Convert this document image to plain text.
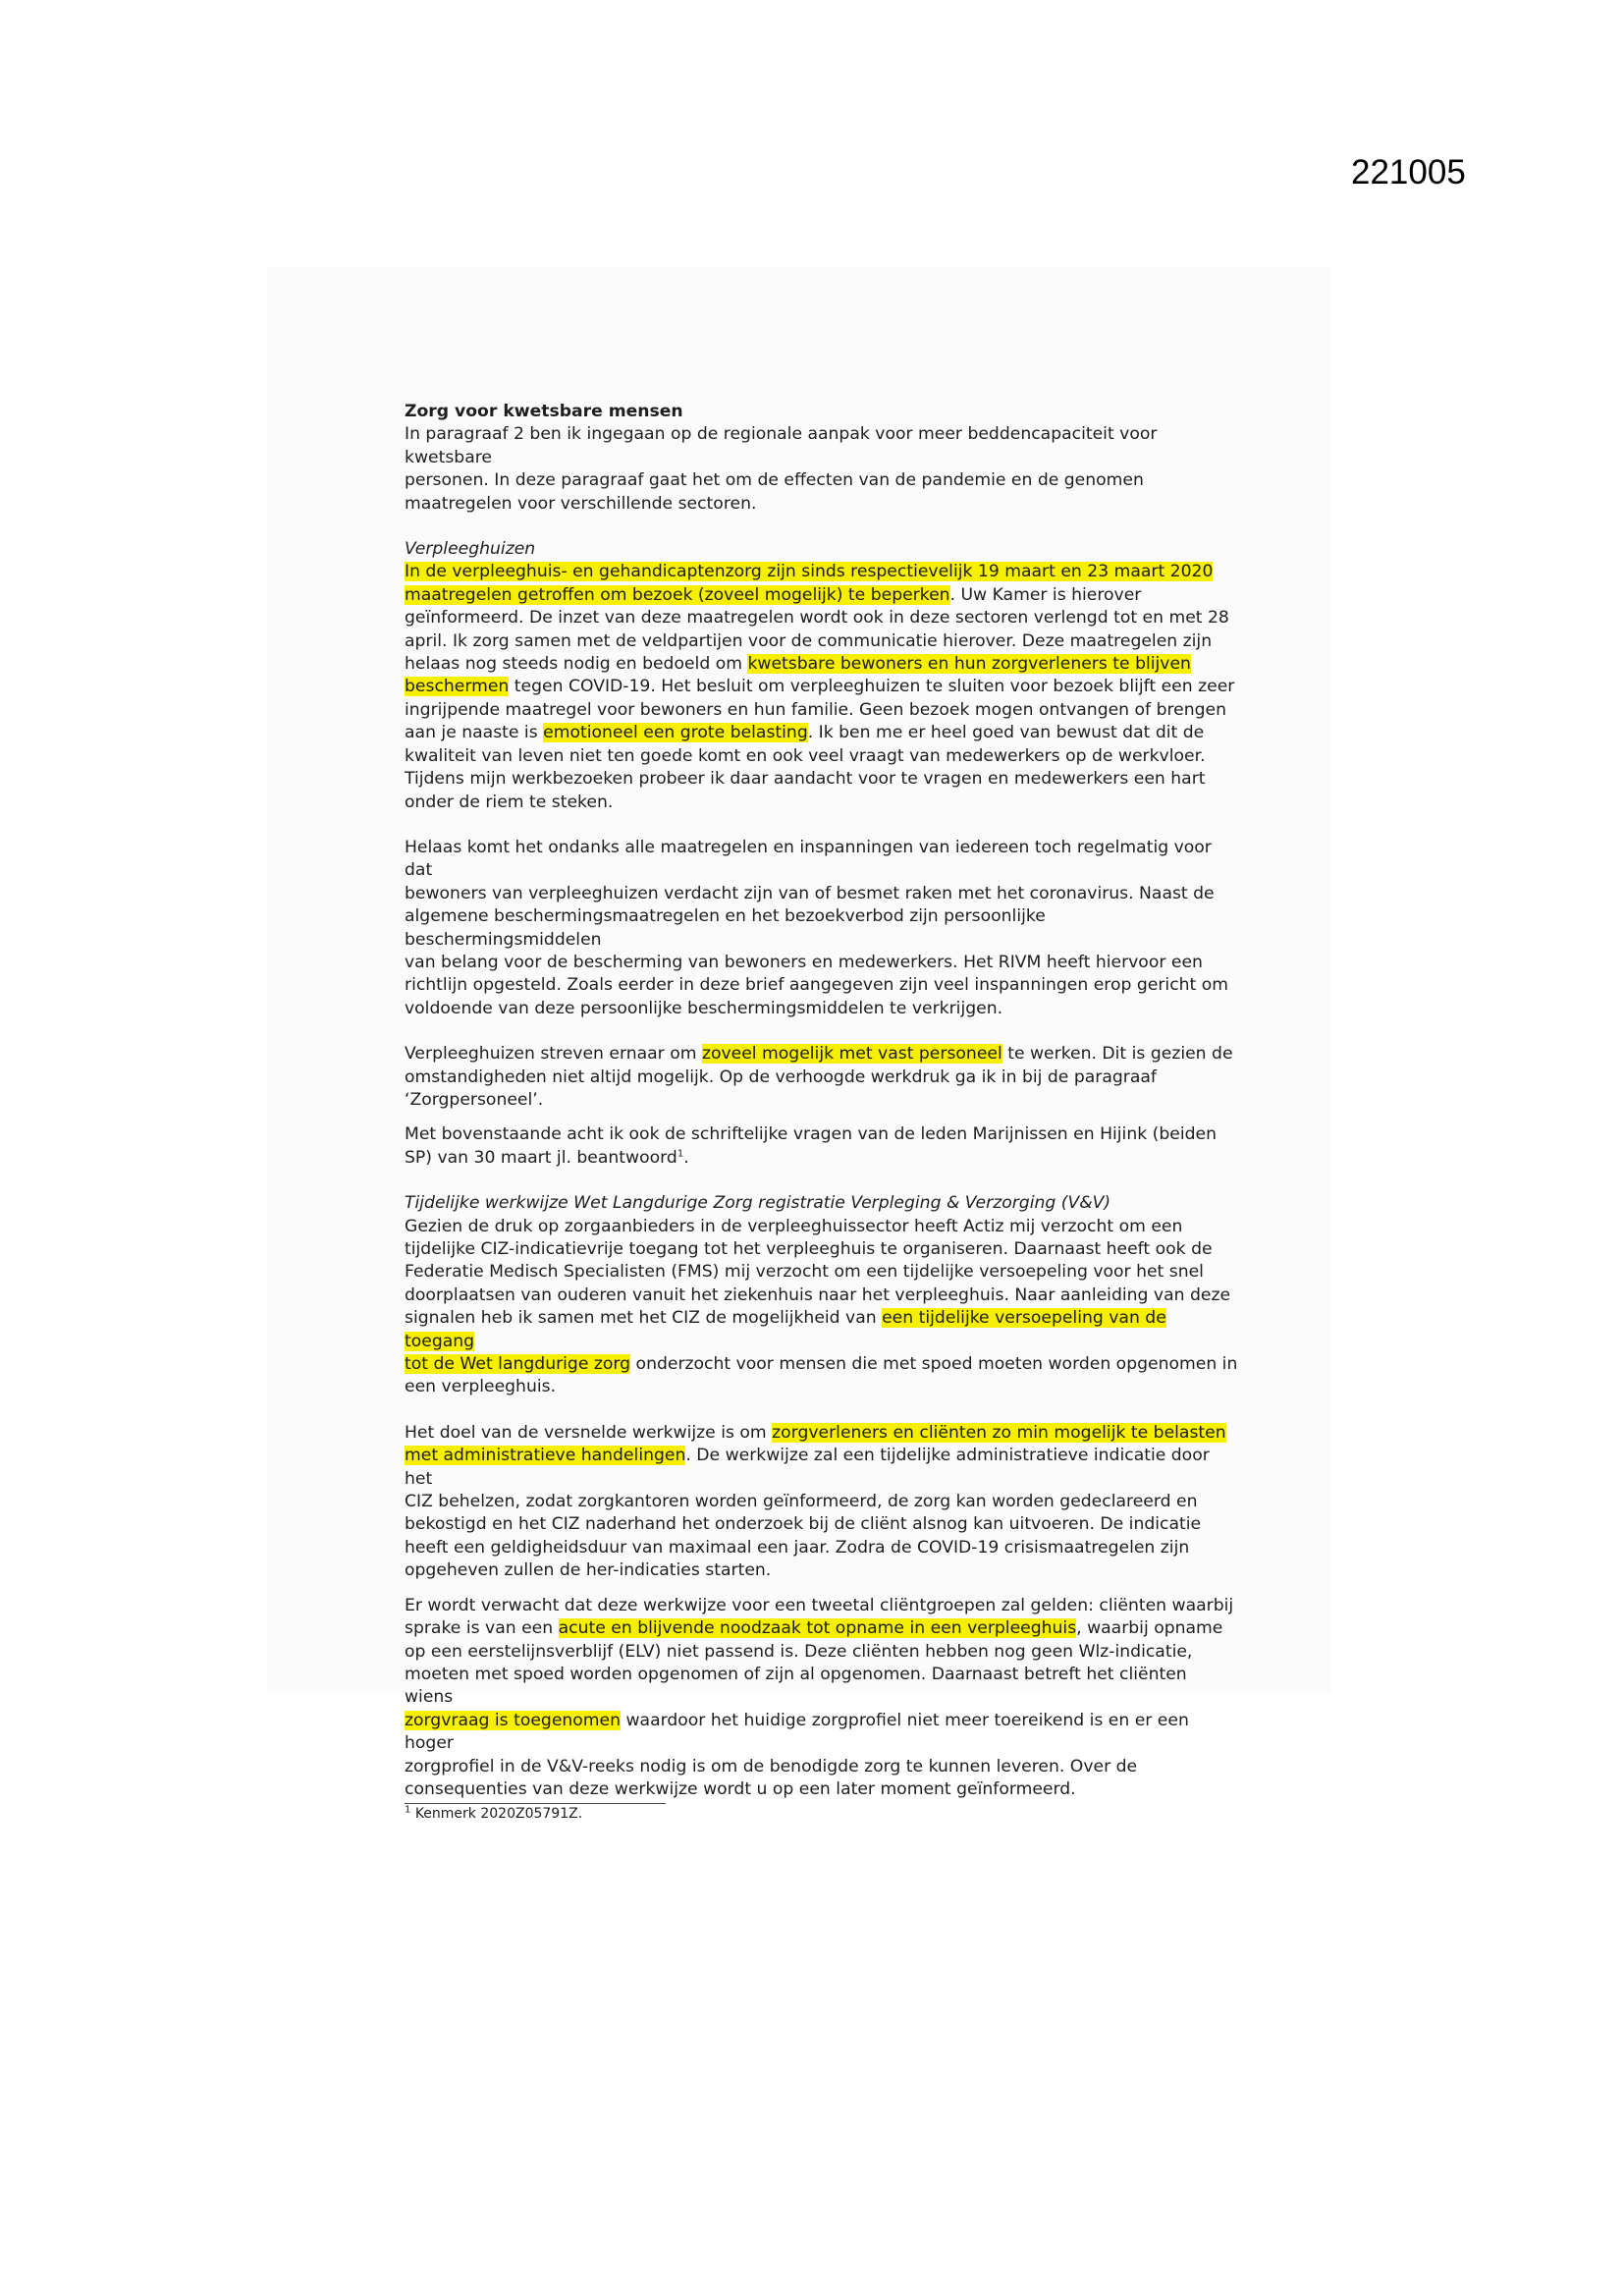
221005

Zorg voor kwetsbare mensen

In paragraaf 2 ben ik ingegaan op de regionale aanpak voor meer beddencapaciteit voor kwetsbare

personen. In deze paragraaf gaat het om de effecten van de pandemie en de genomen

maatregelen voor verschillende sectoren.

Verpleeghuizen

In de verpleeghuis- en gehandicaptenzorg zijn sinds respectievelijk 19 maart en 23 maart 2020

maatregelen getroffen om bezoek (zoveel mogelijk) te beperken. Uw Kamer is hierover

geïnformeerd. De inzet van deze maatregelen wordt ook in deze sectoren verlengd tot en met 28

april. Ik zorg samen met de veldpartijen voor de communicatie hierover. Deze maatregelen zijn

helaas nog steeds nodig en bedoeld om kwetsbare bewoners en hun zorgverleners te blijven

beschermen tegen COVID-19. Het besluit om verpleeghuizen te sluiten voor bezoek blijft een zeer

ingrijpende maatregel voor bewoners en hun familie. Geen bezoek mogen ontvangen of brengen

aan je naaste is emotioneel een grote belasting. Ik ben me er heel goed van bewust dat dit de

kwaliteit van leven niet ten goede komt en ook veel vraagt van medewerkers op de werkvloer.

Tijdens mijn werkbezoeken probeer ik daar aandacht voor te vragen en medewerkers een hart

onder de riem te steken.

Helaas komt het ondanks alle maatregelen en inspanningen van iedereen toch regelmatig voor dat

bewoners van verpleeghuizen verdacht zijn van of besmet raken met het coronavirus. Naast de

algemene beschermingsmaatregelen en het bezoekverbod zijn persoonlijke beschermingsmiddelen

van belang voor de bescherming van bewoners en medewerkers. Het RIVM heeft hiervoor een

richtlijn opgesteld. Zoals eerder in deze brief aangegeven zijn veel inspanningen erop gericht om

voldoende van deze persoonlijke beschermingsmiddelen te verkrijgen.

Verpleeghuizen streven ernaar om zoveel mogelijk met vast personeel te werken. Dit is gezien de

omstandigheden niet altijd mogelijk. Op de verhoogde werkdruk ga ik in bij de paragraaf

‘Zorgpersoneel’.

Met bovenstaande acht ik ook de schriftelijke vragen van de leden Marijnissen en Hijink (beiden

SP) van 30 maart jl. beantwoord$^1$.

Tijdelijke werkwijze Wet Langdurige Zorg registratie Verpleging & Verzorging (V&V)

Gezien de druk op zorgaanbieders in de verpleeghuissector heeft Actiz mij verzocht om een

tijdelijke CIZ-indicatievrije toegang tot het verpleeghuis te organiseren. Daarnaast heeft ook de

Federatie Medisch Specialisten (FMS) mij verzocht om een tijdelijke versoepeling voor het snel

doorplaatsen van ouderen vanuit het ziekenhuis naar het verpleeghuis. Naar aanleiding van deze

signalen heb ik samen met het CIZ de mogelijkheid van een tijdelijke versoepeling van de toegang

tot de Wet langdurige zorg onderzocht voor mensen die met spoed moeten worden opgenomen in

een verpleeghuis.

Het doel van de versnelde werkwijze is om zorgverleners en cliënten zo min mogelijk te belasten

met administratieve handelingen. De werkwijze zal een tijdelijke administratieve indicatie door het

CIZ behelzen, zodat zorgkantoren worden geïnformeerd, de zorg kan worden gedeclareerd en

bekostigd en het CIZ naderhand het onderzoek bij de cliënt alsnog kan uitvoeren. De indicatie

heeft een geldigheidsduur van maximaal een jaar. Zodra de COVID-19 crisismaatregelen zijn

opgeheven zullen de her-indicaties starten.

Er wordt verwacht dat deze werkwijze voor een tweetal cliëntgroepen zal gelden: cliënten waarbij

sprake is van een acute en blijvende noodzaak tot opname in een verpleeghuis, waarbij opname

op een eerstelijnsverblijf (ELV) niet passend is. Deze cliënten hebben nog geen Wlz-indicatie,

moeten met spoed worden opgenomen of zijn al opgenomen. Daarnaast betreft het cliënten wiens

zorgvraag is toegenomen waardoor het huidige zorgprofiel niet meer toereikend is en er een hoger

zorgprofiel in de V&V-reeks nodig is om de benodigde zorg te kunnen leveren. Over de

consequenties van deze werkwijze wordt u op een later moment geïnformeerd.

$^1$ Kenmerk 2020Z05791Z.
